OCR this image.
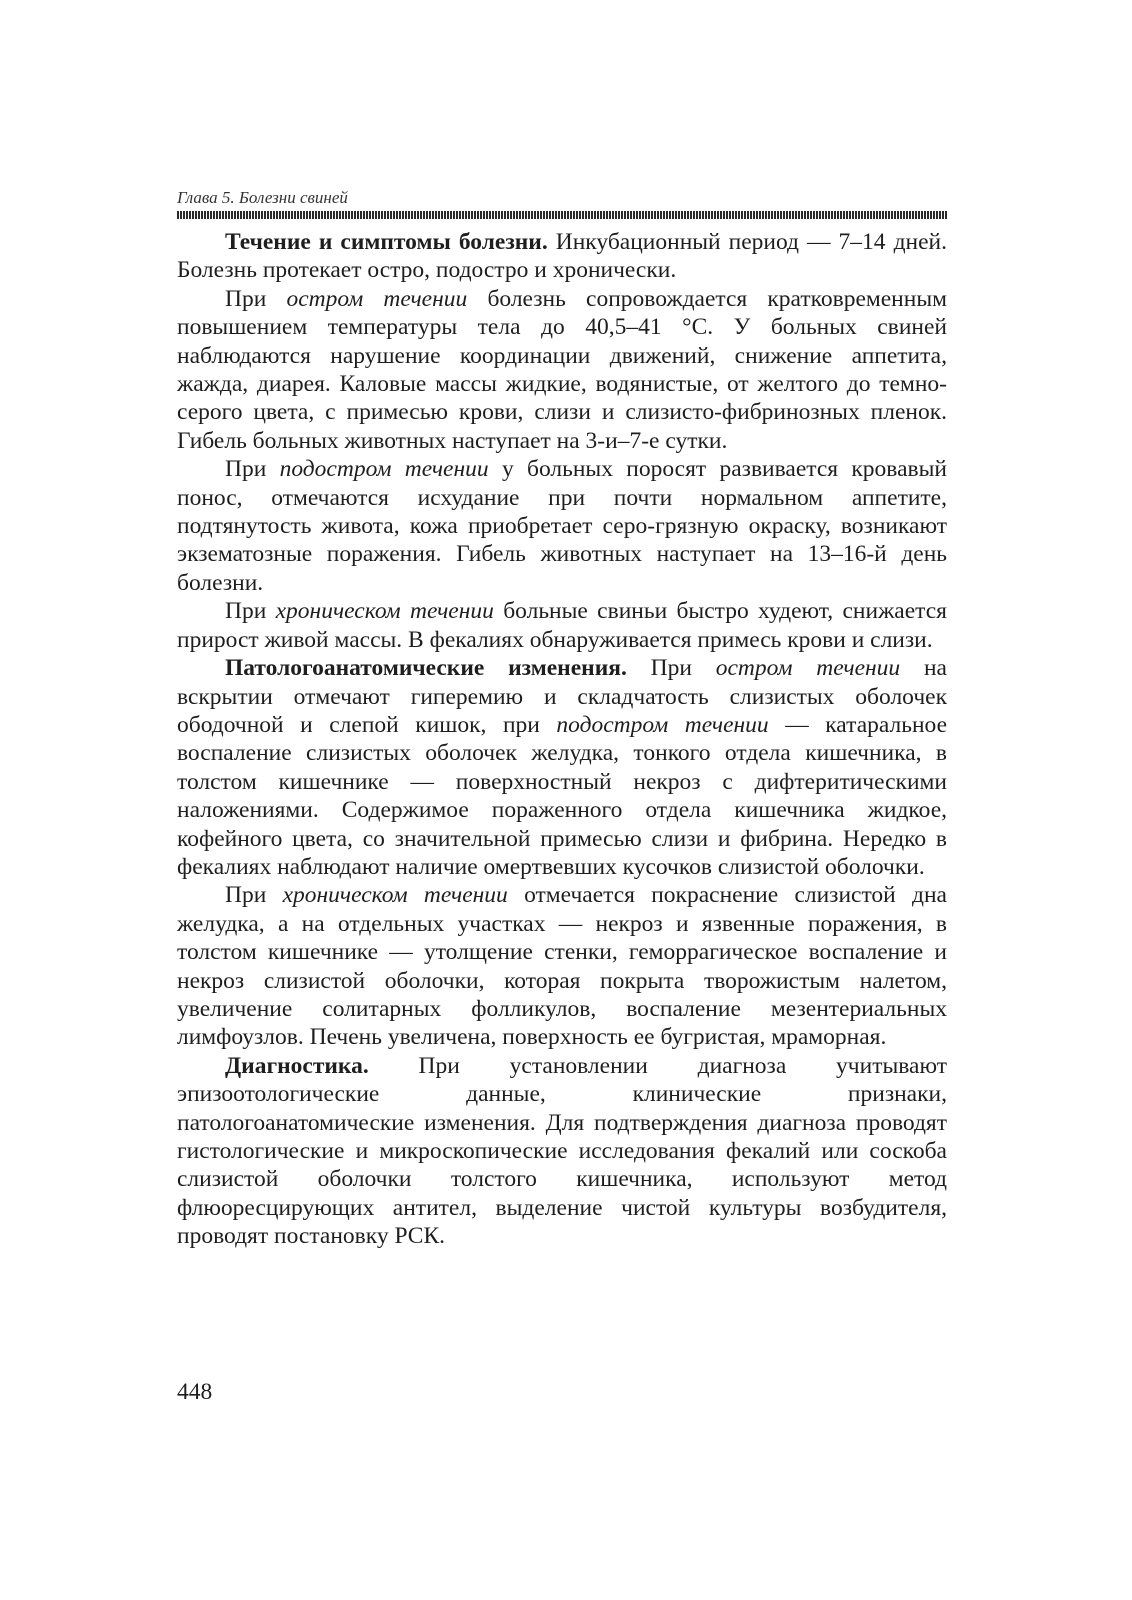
Глава 5. Болезни свиней

Течение и симптомы болезни. Инкубационный период — 7–14 дней. Болезнь протекает остро, подостро и хронически.

При остром течении болезнь сопровождается кратковременным повышением температуры тела до 40,5–41 °С. У больных свиней наблюдаются нарушение координации движений, снижение аппетита, жажда, диарея. Каловые массы жидкие, водянистые, от желтого до темно-серого цвета, с примесью крови, слизи и слизисто-фибринозных пленок. Гибель больных животных наступает на 3-и–7-е сутки.

При подостром течении у больных поросят развивается кровавый понос, отмечаются исхудание при почти нормальном аппетите, подтянутость живота, кожа приобретает серо-грязную окраску, возникают экзематозные поражения. Гибель животных наступает на 13–16-й день болезни.

При хроническом течении больные свиньи быстро худеют, снижается прирост живой массы. В фекалиях обнаруживается примесь крови и слизи.

Патологоанатомические изменения. При остром течении на вскрытии отмечают гиперемию и складчатость слизистых оболочек ободочной и слепой кишок, при подостром течении — катаральное воспаление слизистых оболочек желудка, тонкого отдела кишечника, в толстом кишечнике — поверхностный некроз с дифтеритическими наложениями. Содержимое пораженного отдела кишечника жидкое, кофейного цвета, со значительной примесью слизи и фибрина. Нередко в фекалиях наблюдают наличие омертвевших кусочков слизистой оболочки.

При хроническом течении отмечается покраснение слизистой дна желудка, а на отдельных участках — некроз и язвенные поражения, в толстом кишечнике — утолщение стенки, геморрагическое воспаление и некроз слизистой оболочки, которая покрыта творожистым налетом, увеличение солитарных фолликулов, воспаление мезентериальных лимфоузлов. Печень увеличена, поверхность ее бугристая, мраморная.

Диагностика. При установлении диагноза учитывают эпизоотологические данные, клинические признаки, патологоанатомические изменения. Для подтверждения диагноза проводят гистологические и микроскопические исследования фекалий или соскоба слизистой оболочки толстого кишечника, используют метод флюоресцирующих антител, выделение чистой культуры возбудителя, проводят постановку РСК.

448
